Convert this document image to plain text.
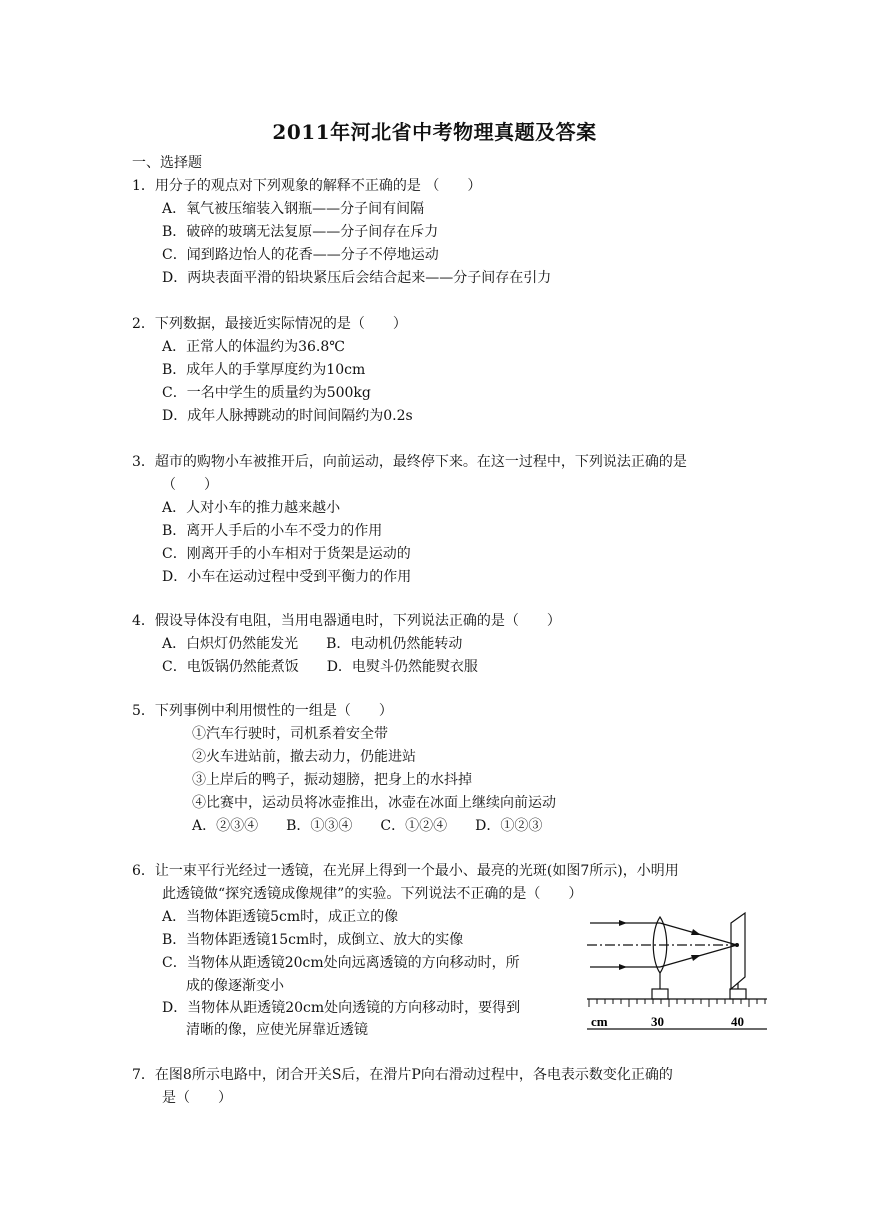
2011年河北省中考物理真题及答案
一、选择题
1．用分子的观点对下列观象的解释不正确的是 （　　）
A．氧气被压缩装入钢瓶——分子间有间隔
B．破碎的玻璃无法复原——分子间存在斥力
C．闻到路边怡人的花香——分子不停地运动
D．两块表面平滑的铅块紧压后会结合起来——分子间存在引力
2．下列数据，最接近实际情况的是（　　）
A．正常人的体温约为36.8℃
B．成年人的手掌厚度约为10cm
C．一名中学生的质量约为500kg
D．成年人脉搏跳动的时间间隔约为0.2s
3．超市的购物小车被推开后，向前运动，最终停下来。在这一过程中，下列说法正确的是
（　　）
A．人对小车的推力越来越小
B．离开人手后的小车不受力的作用
C．刚离开手的小车相对于货架是运动的
D．小车在运动过程中受到平衡力的作用
4．假设导体没有电阻，当用电器通电时，下列说法正确的是（　　）
A．白炽灯仍然能发光　　B．电动机仍然能转动
C．电饭锅仍然能煮饭　　D．电熨斗仍然能熨衣服
5．下列事例中利用惯性的一组是（　　）
①汽车行驶时，司机系着安全带
②火车进站前，撤去动力，仍能进站
③上岸后的鸭子，振动翅膀，把身上的水抖掉
④比赛中，运动员将冰壶推出，冰壶在冰面上继续向前运动
A．②③④　　B．①③④　　C．①②④　　D．①②③
6．让一束平行光经过一透镜，在光屏上得到一个最小、最亮的光斑(如图7所示)，小明用
此透镜做“探究透镜成像规律”的实验。下列说法不正确的是（　　）
A．当物体距透镜5cm时，成正立的像
B．当物体距透镜15cm时，成倒立、放大的实像
C．当物体从距透镜20cm处向远离透镜的方向移动时，所
成的像逐渐变小
D．当物体从距透镜20cm处向透镜的方向移动时，要得到
清晰的像，应使光屏靠近透镜
cm	30	40
7．在图8所示电路中，闭合开关S后，在滑片P向右滑动过程中，各电表示数变化正确的
是（　　）
